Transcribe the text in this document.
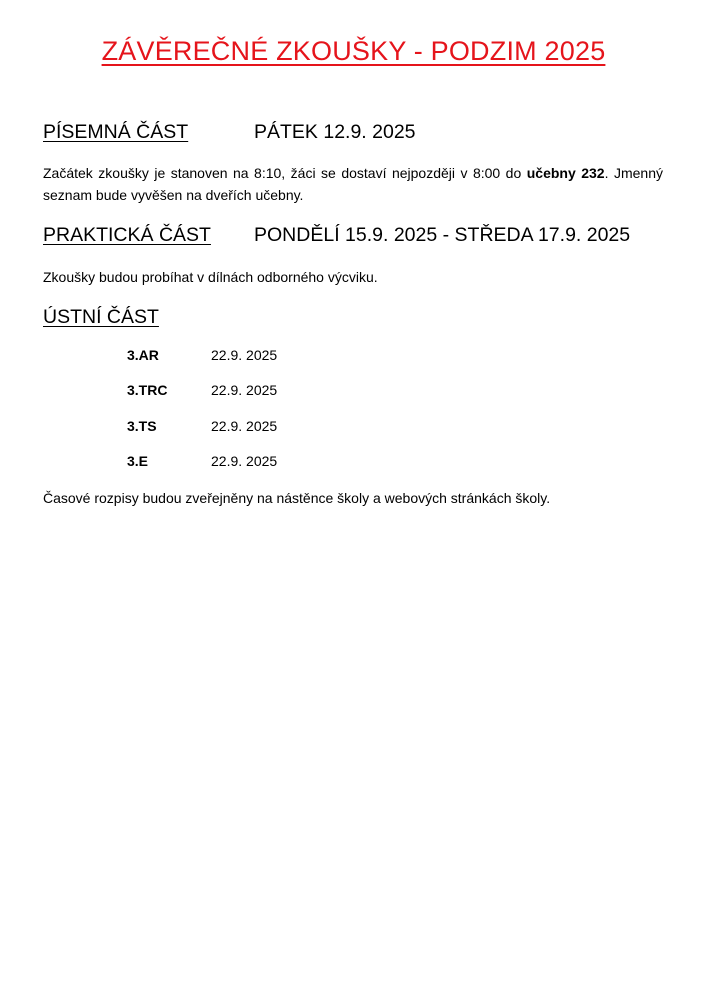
ZÁVĚREČNÉ ZKOUŠKY - PODZIM 2025
PÍSEMNÁ ČÁST	PÁTEK 12.9. 2025
Začátek zkoušky je stanoven na 8:10, žáci se dostaví nejpozději v 8:00 do učebny 232. Jmenný seznam bude vyvěšen na dveřích učebny.
PRAKTICKÁ ČÁST PONDĚLÍ 15.9. 2025 - STŘEDA 17.9. 2025
Zkoušky budou probíhat v dílnách odborného výcviku.
ÚSTNÍ ČÁST
3.AR	22.9. 2025
3.TRC	22.9. 2025
3.TS	22.9. 2025
3.E	22.9. 2025
Časové rozpisy budou zveřejněny na nástěnce školy a webových stránkách školy.
